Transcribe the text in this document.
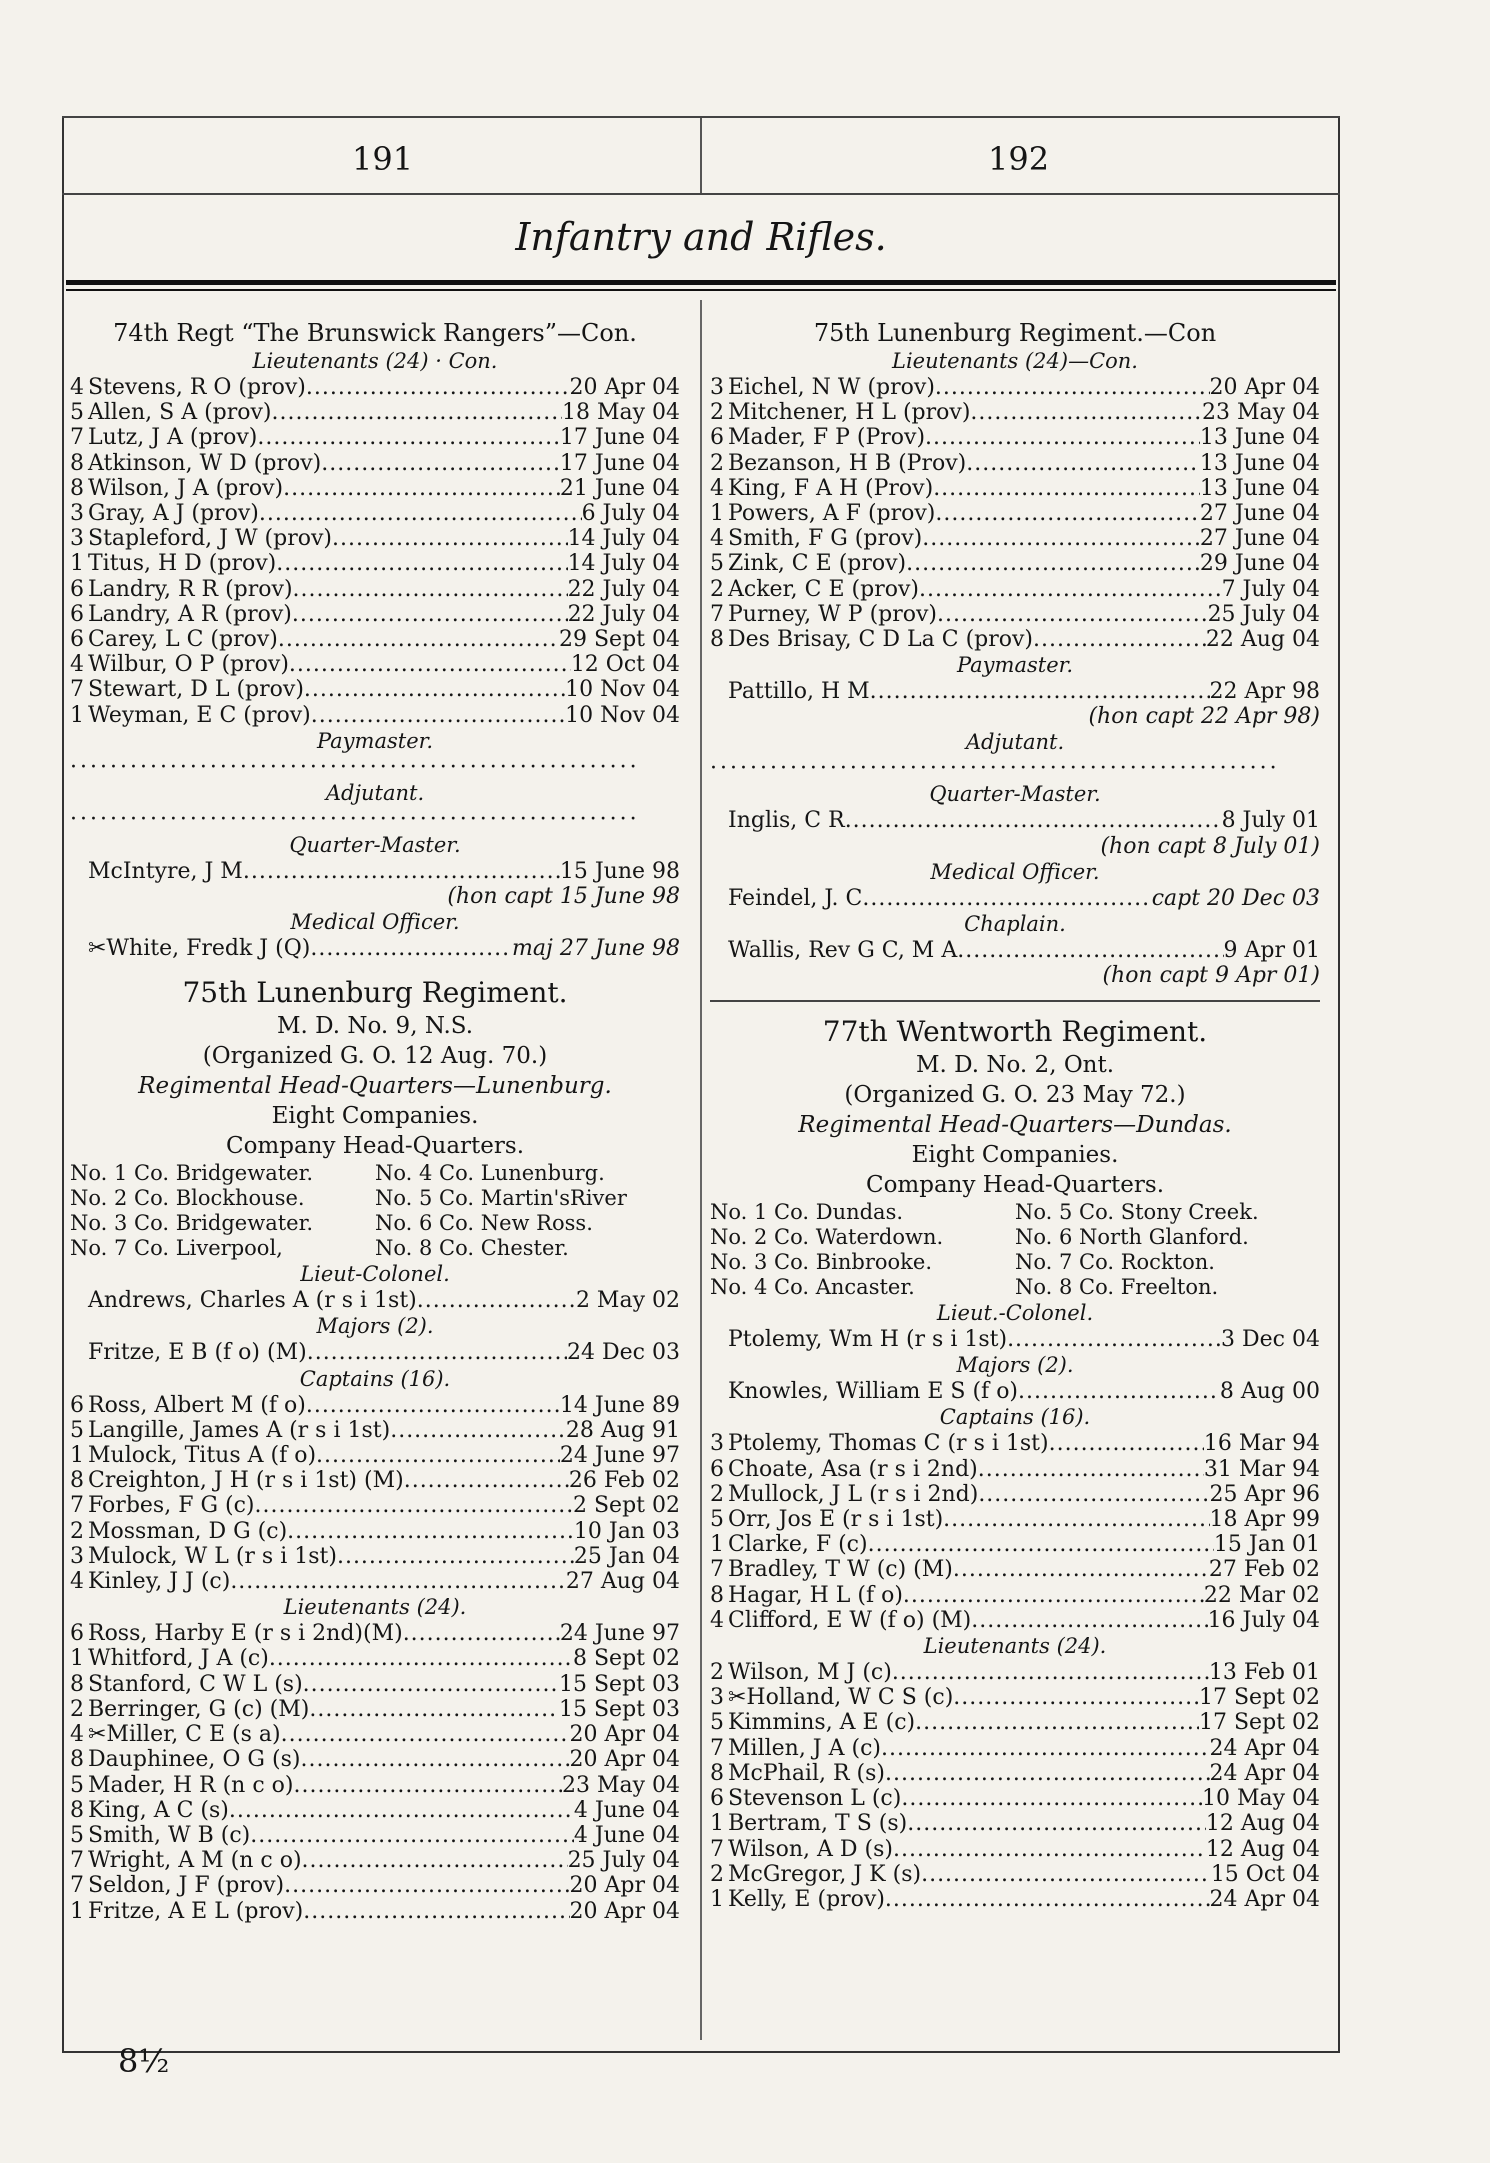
191	192
Infantry and Rifles.
74th Regt “The Brunswick Rangers”—Con.
Lieutenants (24) · Con.
4 Stevens, R O (prov) .....	20 Apr 04
5 Allen, S A (prov) .....	18 May 04
7 Lutz, J A (prov) .....	17 June 04
8 Atkinson, W D (prov) .....	17 June 04
8 Wilson, J A (prov) .....	21 June 04
3 Gray, A J (prov) .....	6 July 04
3 Stapleford, J W (prov) .....	14 July 04
1 Titus, H D (prov) .....	14 July 04
6 Landry, R R (prov) .....	22 July 04
6 Landry, A R (prov) .....	22 July 04
6 Carey, L C (prov) .....	29 Sept 04
4 Wilbur, O P (prov) .....	12 Oct 04
7 Stewart, D L (prov) .....	10 Nov 04
1 Weyman, E C (prov) .....	10 Nov 04
Paymaster.
·························································
Adjutant.
·························································
Quarter-Master.
McIntyre, J M .....	15 June 98
(hon capt 15 June 98
Medical Officer.
✂White, Fredk J (Q) .....	maj 27 June 98
75th Lunenburg Regiment.
M. D. No. 9, N.S.
(Organized G. O. 12 Aug. 70.)
Regimental Head-Quarters—Lunenburg.
Eight Companies.
Company Head-Quarters.
No. 1 Co. Bridgewater.	No. 4 Co. Lunenburg.
No. 2 Co. Blockhouse.	No. 5 Co. Martin'sRiver
No. 3 Co. Bridgewater.	No. 6 Co. New Ross.
No. 7 Co. Liverpool,	No. 8 Co. Chester.
Lieut-Colonel.
Andrews, Charles A (r s i 1st) .....	2 May 02
Majors (2).
Fritze, E B (f o) (M) .....	24 Dec 03
Captains (16).
6 Ross, Albert M (f o) .....	14 June 89
5 Langille, James A (r s i 1st) .....	28 Aug 91
1 Mulock, Titus A (f o) .....	24 June 97
8 Creighton, J H (r s i 1st) (M) .....	26 Feb 02
7 Forbes, F G (c) .....	2 Sept 02
2 Mossman, D G (c) .....	10 Jan 03
3 Mulock, W L (r s i 1st) .....	25 Jan 04
4 Kinley, J J (c) .....	27 Aug 04
Lieutenants (24).
6 Ross, Harby E (r s i 2nd)(M) .....	24 June 97
1 Whitford, J A (c) .....	8 Sept 02
8 Stanford, C W L (s) .....	15 Sept 03
2 Berringer, G (c) (M) .....	15 Sept 03
4 ✂Miller, C E (s a) .....	20 Apr 04
8 Dauphinee, O G (s) .....	20 Apr 04
5 Mader, H R (n c o) .....	23 May 04
8 King, A C (s) .....	4 June 04
5 Smith, W B (c) .....	4 June 04
7 Wright, A M (n c o) .....	25 July 04
7 Seldon, J F (prov) .....	20 Apr 04
1 Fritze, A E L (prov) .....	20 Apr 04
75th Lunenburg Regiment.—Con
Lieutenants (24)—Con.
3 Eichel, N W (prov) .....	20 Apr 04
2 Mitchener, H L (prov) .....	23 May 04
6 Mader, F P (Prov) .....	13 June 04
2 Bezanson, H B (Prov) .....	13 June 04
4 King, F A H (Prov) .....	13 June 04
1 Powers, A F (prov) .....	27 June 04
4 Smith, F G (prov) .....	27 June 04
5 Zink, C E (prov) .....	29 June 04
2 Acker, C E (prov) .....	7 July 04
7 Purney, W P (prov) .....	25 July 04
8 Des Brisay, C D La C (prov) .....	22 Aug 04
Paymaster.
Pattillo, H M .....	22 Apr 98
(hon capt 22 Apr 98)
Adjutant.
·························································
Quarter-Master.
Inglis, C R .....	8 July 01
(hon capt 8 July 01)
Medical Officer.
Feindel, J. C .....	capt 20 Dec 03
Chaplain.
Wallis, Rev G C, M A .....	9 Apr 01
(hon capt 9 Apr 01)
77th Wentworth Regiment.
M. D. No. 2, Ont.
(Organized G. O. 23 May 72.)
Regimental Head-Quarters—Dundas.
Eight Companies.
Company Head-Quarters.
No. 1 Co. Dundas.	No. 5 Co. Stony Creek.
No. 2 Co. Waterdown.	No. 6 North Glanford.
No. 3 Co. Binbrooke.	No. 7 Co. Rockton.
No. 4 Co. Ancaster.	No. 8 Co. Freelton.
Lieut.-Colonel.
Ptolemy, Wm H (r s i 1st) .....	3 Dec 04
Majors (2).
Knowles, William E S (f o) .....	8 Aug 00
Captains (16).
3 Ptolemy, Thomas C (r s i 1st) .....	16 Mar 94
6 Choate, Asa (r s i 2nd) .....	31 Mar 94
2 Mullock, J L (r s i 2nd) .....	25 Apr 96
5 Orr, Jos E (r s i 1st) .....	18 Apr 99
1 Clarke, F (c) .....	15 Jan 01
7 Bradley, T W (c) (M) .....	27 Feb 02
8 Hagar, H L (f o) .....	22 Mar 02
4 Clifford, E W (f o) (M) .....	16 July 04
Lieutenants (24).
2 Wilson, M J (c) .....	13 Feb 01
3 ✂Holland, W C S (c) .....	17 Sept 02
5 Kimmins, A E (c) .....	17 Sept 02
7 Millen, J A (c) .....	24 Apr 04
8 McPhail, R (s) .....	24 Apr 04
6 Stevenson L (c) .....	10 May 04
1 Bertram, T S (s) .....	12 Aug 04
7 Wilson, A D (s) .....	12 Aug 04
2 McGregor, J K (s) .....	15 Oct 04
1 Kelly, E (prov) .....	24 Apr 04
8½
